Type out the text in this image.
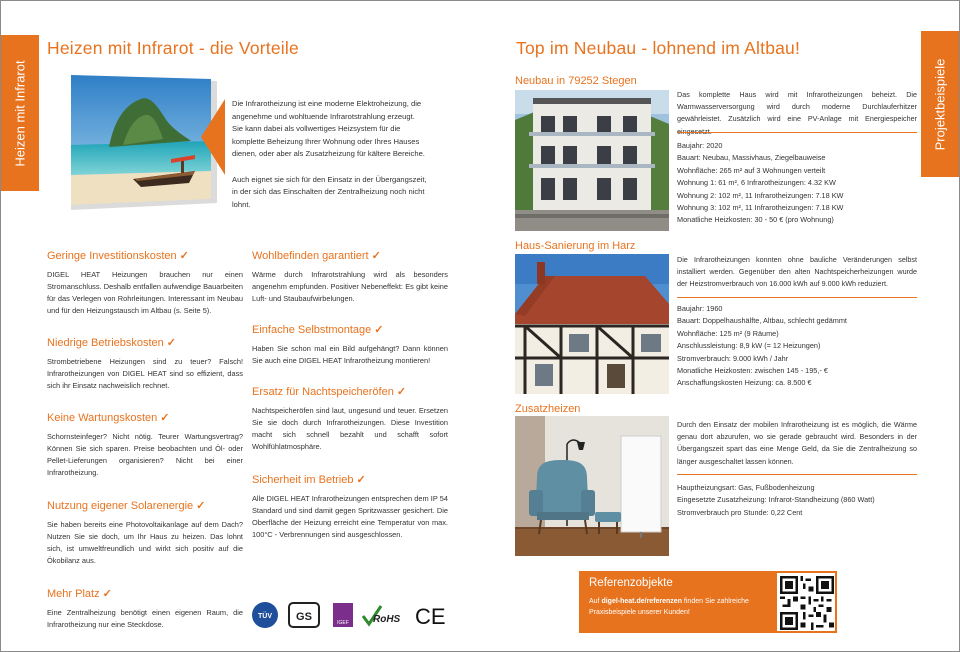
Heizen mit Infrarot
Heizen mit Infrarot - die Vorteile

Die Infrarotheizung ist eine moderne Elektroheizung, die angenehme und wohltuende Infrarotstrahlung erzeugt. Sie kann dabei als vollwertiges Heizsystem für die komplette Beheizung Ihrer Wohnung oder Ihres Hauses dienen, oder aber als Zusatzheizung für kältere Bereiche.

Auch eignet sie sich für den Einsatz in der Übergangszeit, in der sich das Einschalten der Zentralheizung noch nicht lohnt.

Geringe Investitionskosten ✓

DIGEL HEAT Heizungen brauchen nur einen Stromanschluss. Deshalb entfallen aufwendige Bauarbeiten für das Verlegen von Rohrleitungen. Interessant im Neubau und für den Heizungstausch im Altbau (s. Seite 5).

Niedrige Betriebskosten ✓

Strombetriebene Heizungen sind zu teuer? Falsch! Infrarotheizungen von DIGEL HEAT sind so effizient, dass sich ihr Einsatz nachweislich rechnet.

Keine Wartungskosten ✓

Schornsteinfeger? Nicht nötig. Teurer Wartungsvertrag? Können Sie sich sparen. Preise beobachten und Öl- oder Pellet-Lieferungen organisieren? Nicht bei einer Infrarotheizung.

Nutzung eigener Solarenergie ✓

Sie haben bereits eine Photovoltaikanlage auf dem Dach? Nutzen Sie sie doch, um Ihr Haus zu heizen. Das lohnt sich, ist umweltfreundlich und wirkt sich positiv auf die Ökobilanz aus.

Mehr Platz ✓

Eine Zentralheizung benötigt einen eigenen Raum, die Infrarotheizung nur eine Steckdose.

Wohlbefinden garantiert ✓

Wärme durch Infrarotstrahlung wird als besonders angenehm empfunden. Positiver Nebeneffekt: Es gibt keine Luft- und Staubaufwirbelungen.

Einfache Selbstmontage ✓

Haben Sie schon mal ein Bild aufgehängt? Dann können Sie auch eine DIGEL HEAT Infrarotheizung montieren!

Ersatz für Nachtspeicheröfen ✓

Nachtspeicheröfen sind laut, ungesund und teuer. Ersetzen Sie sie doch durch Infrarotheizungen. Diese Investition macht sich schnell bezahlt und schafft sofort Wohlfühlatmosphäre.

Sicherheit im Betrieb ✓

Alle DIGEL HEAT Infrarotheizungen entsprechen dem IP 54 Standard und sind damit gegen Spritzwasser gesichert. Die Oberfläche der Heizung erreicht eine Temperatur von max. 100°C - Verbrennungen sind ausgeschlossen.

TÜV GS	IGEF RoHS CE
Top im Neubau - lohnend im Altbau!
Projektbeispiele
Neubau in 79252 Stegen
Das komplette Haus wird mit Infrarotheizungen beheizt. Die Warmwasserversorgung wird durch moderne Durchlauferhitzer gewährleistet. Zusätzlich wird eine PV-Anlage mit Energiespeicher
Baujahr: 2020
Bauart: Neubau, Massivhaus, Ziegelbauweise
Wohnfläche: 265 m² auf 3 Wohnungen verteilt
Wohnung 1: 61 m², 6 Infrarotheizungen: 4.32 KW
Wohnung 2: 102 m², 11 Infrarotheizungen: 7.18 KW
Wohnung 3: 102 m², 11 Infrarotheizungen: 7.18 KW
Monatliche Heizkosten: 30 - 50 € (pro Wohnung)
Haus-Sanierung im Harz
Die Infrarotheizungen konnten ohne bauliche Veränderungen selbst installiert werden. Gegenüber den alten Nachtspeicherheizungen wurde der Heizstromverbrauch von 16.000 kWh auf 9.000 kWh reduziert.
Baujahr: 1960
Bauart: Doppelhaushälfte, Altbau, schlecht gedämmt
Wohnfläche: 125 m² (9 Räume)
Anschlussleistung: 8,9 kW (= 12 Heizungen)
Stromverbrauch: 9.000 kWh / Jahr
Monatliche Heizkosten: zwischen 145 - 195,- €
Anschaffungskosten Heizung: ca. 8.500 €
Zusatzheizen
Durch den Einsatz der mobilen Infrarotheizung ist es möglich, die Wärme genau dort abzurufen, wo sie gerade gebraucht wird. Besonders in der Übergangszeit spart das eine Menge Geld, da Sie die Zentralheizung so länger ausgeschaltet lassen können.
Hauptheizungsart: Gas, Fußbodenheizung
Eingesetzte Zusatzheizung: Infrarot-Standheizung (860 Watt)
Stromverbrauch pro Stunde: 0,22 Cent
Referenzobjekte
Auf digel-heat.de/referenzen finden Sie zahlreiche Praxisbeispiele unserer Kunden!
